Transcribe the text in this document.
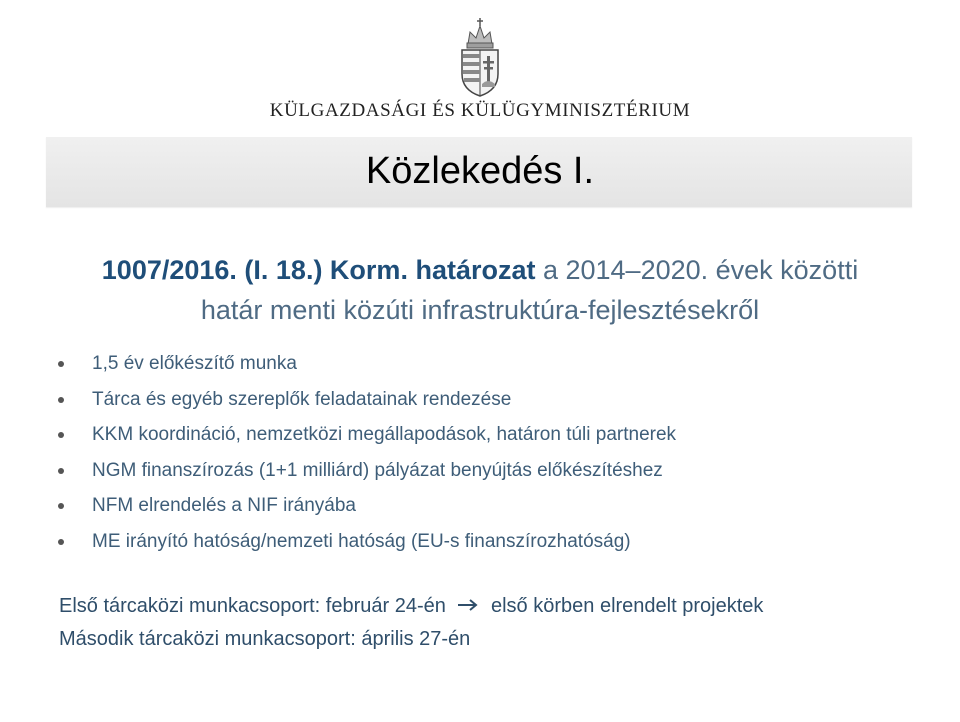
KÜLGAZDASÁGI ÉS KÜLÜGYMINISZTÉRIUM
Közlekedés I.
1007/2016. (I. 18.) Korm. határozat a 2014–2020. évek közötti
határ menti közúti infrastruktúra-fejlesztésekről
1,5 év előkészítő munka
Tárca és egyéb szereplők feladatainak rendezése
KKM koordináció, nemzetközi megállapodások, határon túli partnerek
NGM finanszírozás (1+1 milliárd) pályázat benyújtás előkészítéshez
NFM elrendelés a NIF irányába
ME irányító hatóság/nemzeti hatóság (EU-s finanszírozhatóság)
Első tárcaközi munkacsoport: február 24-én első körben elrendelt projektek
Második tárcaközi munkacsoport: április 27-én
